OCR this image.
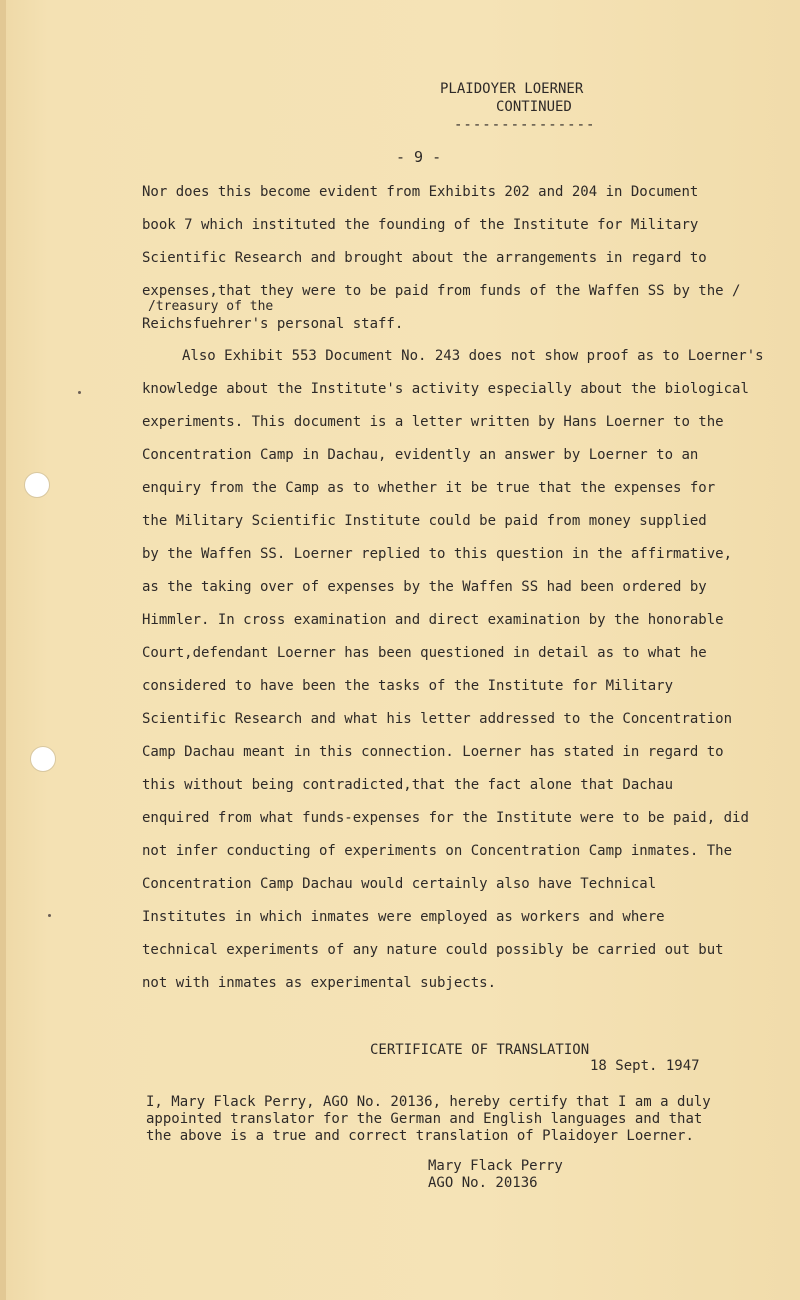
PLAIDOYER LOERNER
CONTINUED
---------------
- 9 -

Nor does this become evident from Exhibits 202 and 204 in Document

book 7 which instituted the founding of the Institute for Military

Scientific Research and brought about the arrangements in regard to

expenses,that they were to be paid from funds of the Waffen SS by the /

Reichsfuehrer's personal staff.

/treasury of the

Also Exhibit 553 Document No. 243 does not show proof as to Loerner's

knowledge about the Institute's activity especially about the biological

experiments. This document is a letter written by Hans Loerner to the

Concentration Camp in Dachau, evidently an answer by Loerner to an

enquiry from the Camp as to whether it be true that the expenses for

the Military Scientific Institute could be paid from money supplied

by the Waffen SS. Loerner replied to this question in the affirmative,

as the taking over of expenses by the Waffen SS had been ordered by

Himmler. In cross examination and direct examination by the honorable

Court,defendant Loerner has been questioned in detail as to what he

considered to have been the tasks of the Institute for Military

Scientific Research and what his letter addressed to the Concentration

Camp Dachau meant in this connection. Loerner has stated in regard to

this without being contradicted,that the fact alone that Dachau

enquired from what funds-expenses for the Institute were to be paid, did

not infer conducting of experiments on Concentration Camp inmates. The

Concentration Camp Dachau would certainly also have Technical

Institutes in which inmates were employed as workers and where

technical experiments of any nature could possibly be carried out but

not with inmates as experimental subjects.

CERTIFICATE OF TRANSLATION
18 Sept. 1947

I, Mary Flack Perry, AGO No. 20136, hereby certify that I am a duly

appointed translator for the German and English languages and that

the above is a true and correct translation of Plaidoyer Loerner.

Mary Flack Perry

AGO No. 20136
